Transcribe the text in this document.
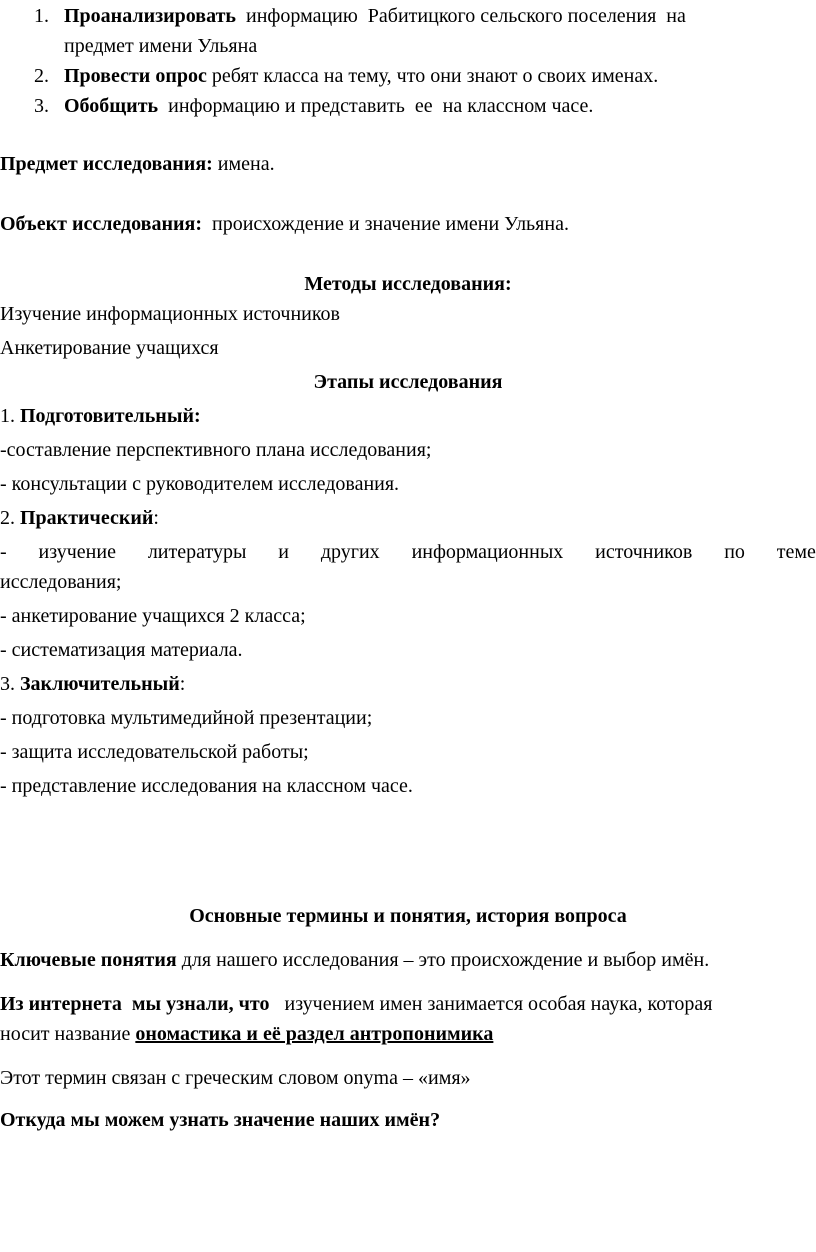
1. Проанализировать  информацию  Рабитицкого сельского поселения  на
предмет имени Ульяна
2. Провести опрос ребят класса на тему, что они знают о своих именах.
3. Обобщить  информацию и представить  ее  на классном часе.
Предмет исследования: имена.
Объект исследования:  происхождение и значение имени Ульяна.
Методы исследования:
Изучение информационных источников
Анкетирование учащихся
Этапы исследования
1. Подготовительный:
-составление перспективного плана исследования;
- консультации с руководителем исследования.
2. Практический:
- изучение литературы и других информационных источников по теме
исследования;
- анкетирование учащихся 2 класса;
- систематизация материала.
3. Заключительный:
- подготовка мультимедийной презентации;
- защита исследовательской работы;
- представление исследования на классном часе.
Основные термины и понятия, история вопроса
Ключевые понятия для нашего исследования – это происхождение и выбор имён.
Из интернета  мы узнали, что   изучением имен занимается особая наука, которая
носит название ономастика и её раздел антропонимика
Этот термин связан с греческим словом onyma – «имя»
Откуда мы можем узнать значение наших имён?
